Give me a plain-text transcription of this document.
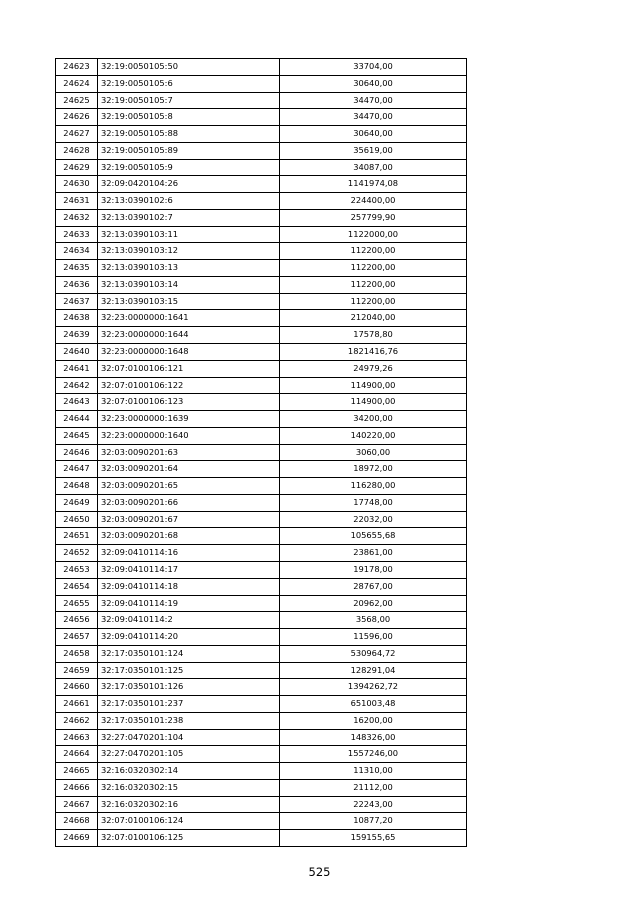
24623	32:19:0050105:50	33704,00
24624	32:19:0050105:6	30640,00
24625	32:19:0050105:7	34470,00
24626	32:19:0050105:8	34470,00
24627	32:19:0050105:88	30640,00
24628	32:19:0050105:89	35619,00
24629	32:19:0050105:9	34087,00
24630	32:09:0420104:26	1141974,08
24631	32:13:0390102:6	224400,00
24632	32:13:0390102:7	257799,90
24633	32:13:0390103:11	1122000,00
24634	32:13:0390103:12	112200,00
24635	32:13:0390103:13	112200,00
24636	32:13:0390103:14	112200,00
24637	32:13:0390103:15	112200,00
24638	32:23:0000000:1641	212040,00
24639	32:23:0000000:1644	17578,80
24640	32:23:0000000:1648	1821416,76
24641	32:07:0100106:121	24979,26
24642	32:07:0100106:122	114900,00
24643	32:07:0100106:123	114900,00
24644	32:23:0000000:1639	34200,00
24645	32:23:0000000:1640	140220,00
24646	32:03:0090201:63	3060,00
24647	32:03:0090201:64	18972,00
24648	32:03:0090201:65	116280,00
24649	32:03:0090201:66	17748,00
24650	32:03:0090201:67	22032,00
24651	32:03:0090201:68	105655,68
24652	32:09:0410114:16	23861,00
24653	32:09:0410114:17	19178,00
24654	32:09:0410114:18	28767,00
24655	32:09:0410114:19	20962,00
24656	32:09:0410114:2	3568,00
24657	32:09:0410114:20	11596,00
24658	32:17:0350101:124	530964,72
24659	32:17:0350101:125	128291,04
24660	32:17:0350101:126	1394262,72
24661	32:17:0350101:237	651003,48
24662	32:17:0350101:238	16200,00
24663	32:27:0470201:104	148326,00
24664	32:27:0470201:105	1557246,00
24665	32:16:0320302:14	11310,00
24666	32:16:0320302:15	21112,00
24667	32:16:0320302:16	22243,00
24668	32:07:0100106:124	10877,20
24669	32:07:0100106:125	159155,65
525
